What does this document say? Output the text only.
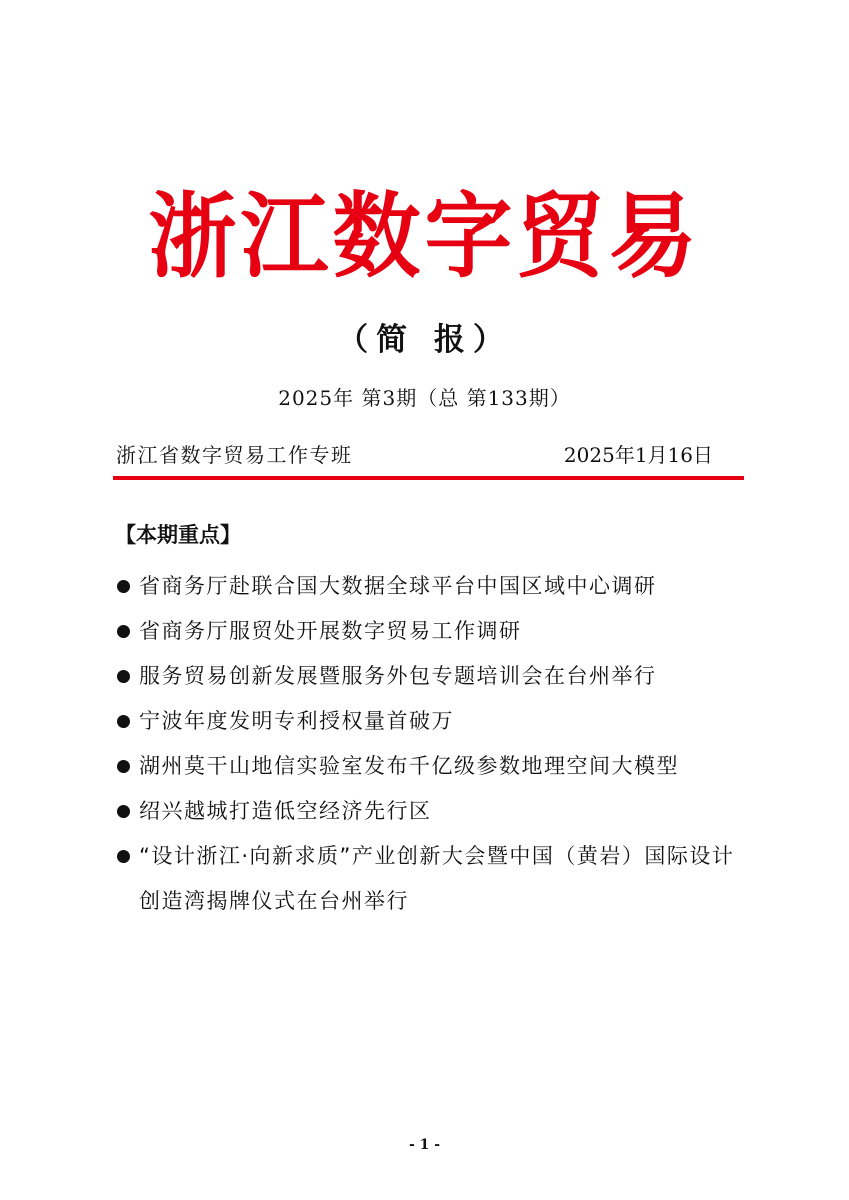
浙江数字贸易
（简 报）
2025年 第3期（总 第133期）
浙江省数字贸易工作专班	2025年1月16日
【本期重点】
省商务厅赴联合国大数据全球平台中国区域中心调研
省商务厅服贸处开展数字贸易工作调研
服务贸易创新发展暨服务外包专题培训会在台州举行
宁波年度发明专利授权量首破万
湖州莫干山地信实验室发布千亿级参数地理空间大模型
绍兴越城打造低空经济先行区
“设计浙江·向新求质”产业创新大会暨中国（黄岩）国际设计创造湾揭牌仪式在台州举行
- 1 -
